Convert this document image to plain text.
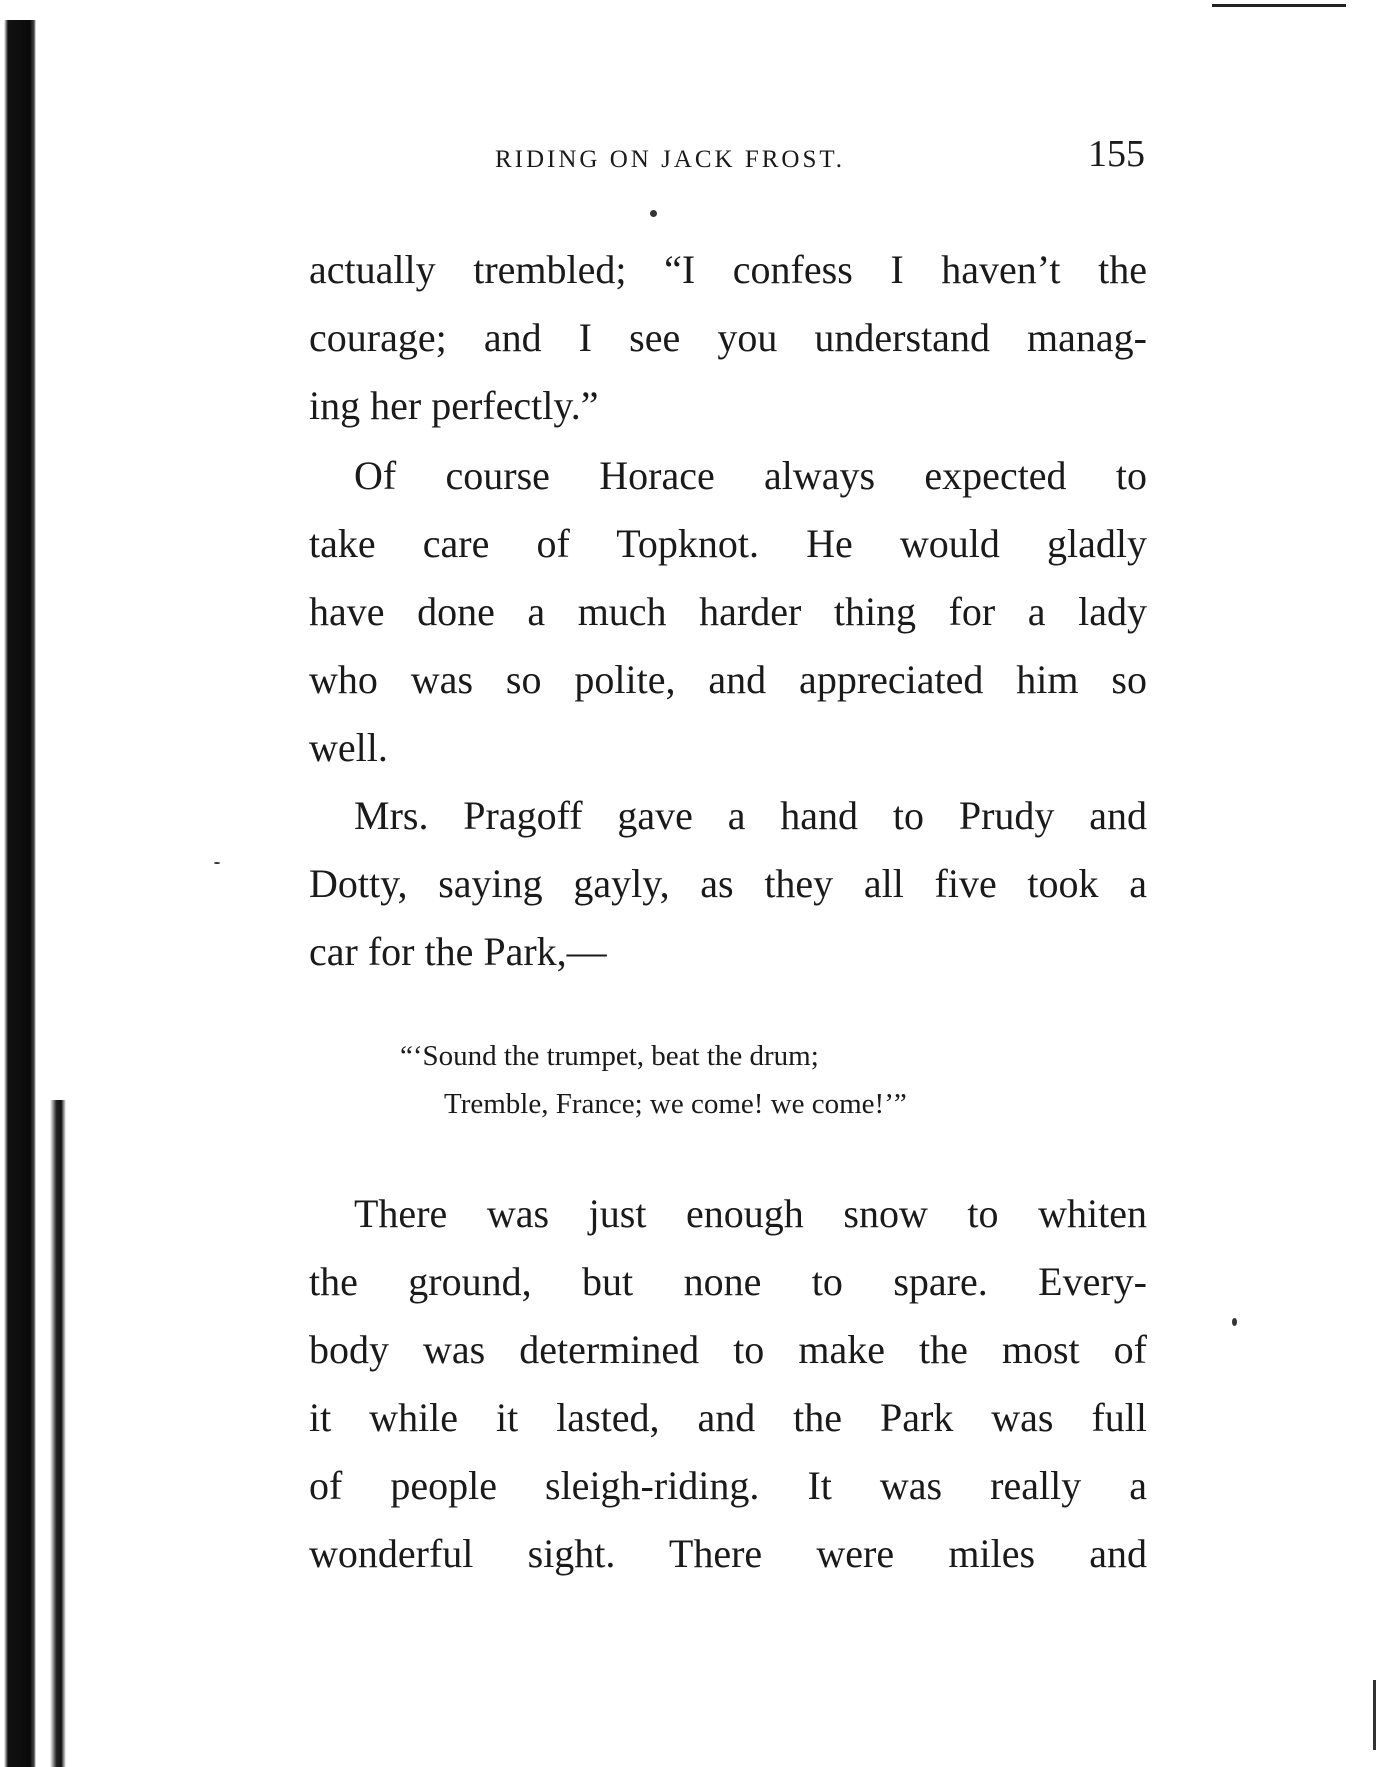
RIDING ON JACK FROST.	155
actually trembled; “I confess I haven’t the
courage; and I see you understand manag-
ing her perfectly.”
Of course Horace always expected to
take care of Topknot. He would gladly
have done a much harder thing for a lady
who was so polite, and appreciated him so
well.
Mrs. Pragoff gave a hand to Prudy and
Dotty, saying gayly, as they all five took a
car for the Park,—
“‘Sound the trumpet, beat the drum;
Tremble, France; we come! we come!’”
There was just enough snow to whiten
the ground, but none to spare. Every-
body was determined to make the most of
it while it lasted, and the Park was full
of people sleigh-riding. It was really a
wonderful sight. There were miles and
